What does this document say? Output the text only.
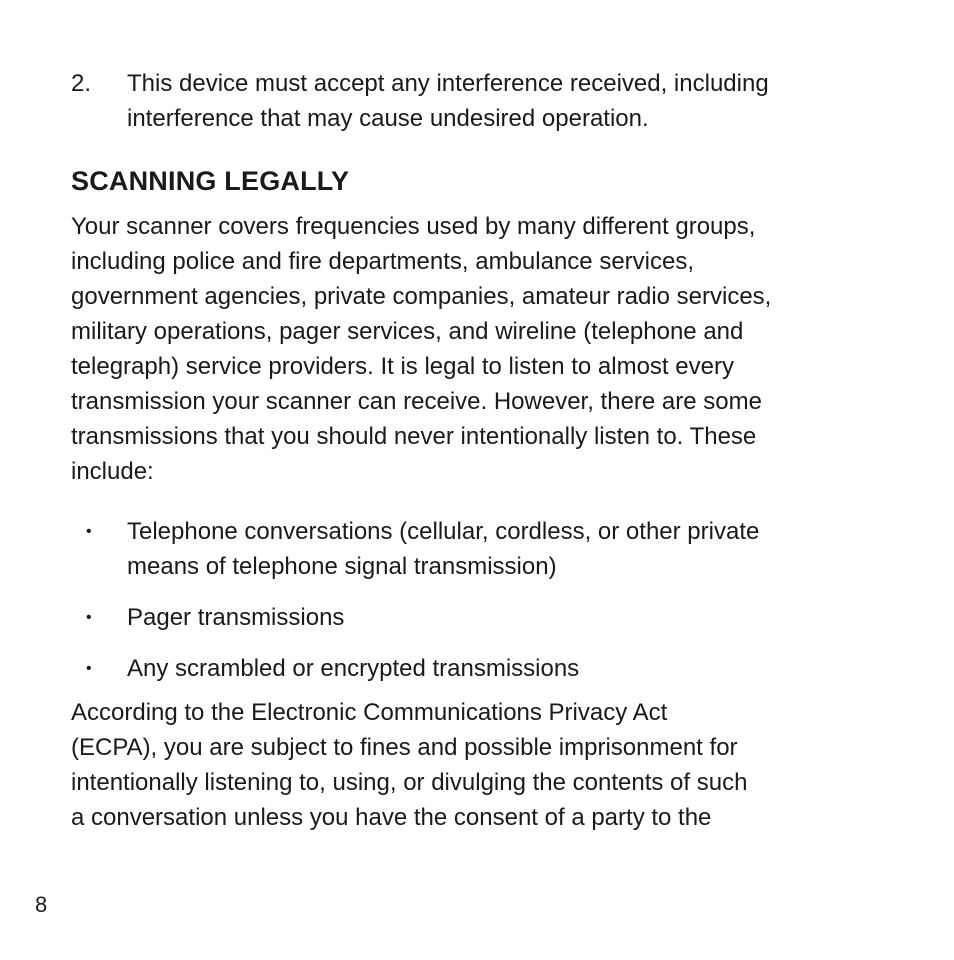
2.	This device must accept any interference received, including
interference that may cause undesired operation.
SCANNING LEGALLY

Your scanner covers frequencies used by many different groups,
including police and fire departments, ambulance services,
government agencies, private companies, amateur radio services,
military operations, pager services, and wireline (telephone and
telegraph) service providers. It is legal to listen to almost every
transmission your scanner can receive. However, there are some
transmissions that you should never intentionally listen to. These
include:

•	Telephone conversations (cellular, cordless, or other private
means of telephone signal transmission)
•	Pager transmissions
•	Any scrambled or encrypted transmissions

According to the Electronic Communications Privacy Act
(ECPA), you are subject to fines and possible imprisonment for
intentionally listening to, using, or divulging the contents of such
a conversation unless you have the consent of a party to the

8
